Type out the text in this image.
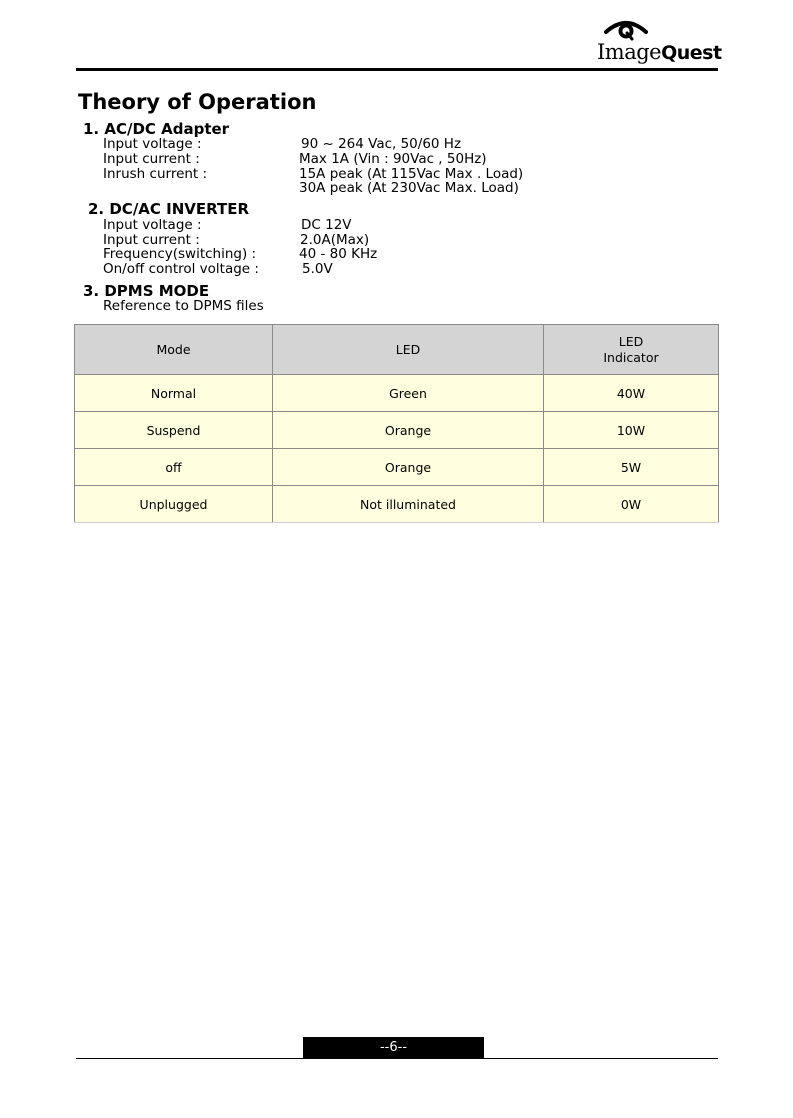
ImageQuest
Theory of Operation
1. AC/DC Adapter
Input voltage :	90 ~ 264 Vac, 50/60 Hz
Input current :	Max 1A (Vin : 90Vac , 50Hz)
Inrush current :	15A peak (At 115Vac Max . Load)
30A peak (At 230Vac Max. Load)
2. DC/AC INVERTER
Input voltage :	DC 12V
Input current :	2.0A(Max)
Frequency(switching) :	40 - 80 KHz
On/off control voltage :	5.0V
3. DPMS MODE
Reference to DPMS files
Mode	LED	LED
Indicator
Normal	Green	40W
Suspend	Orange	10W
off	Orange	5W
Unplugged	Not illuminated	0W
--6--
